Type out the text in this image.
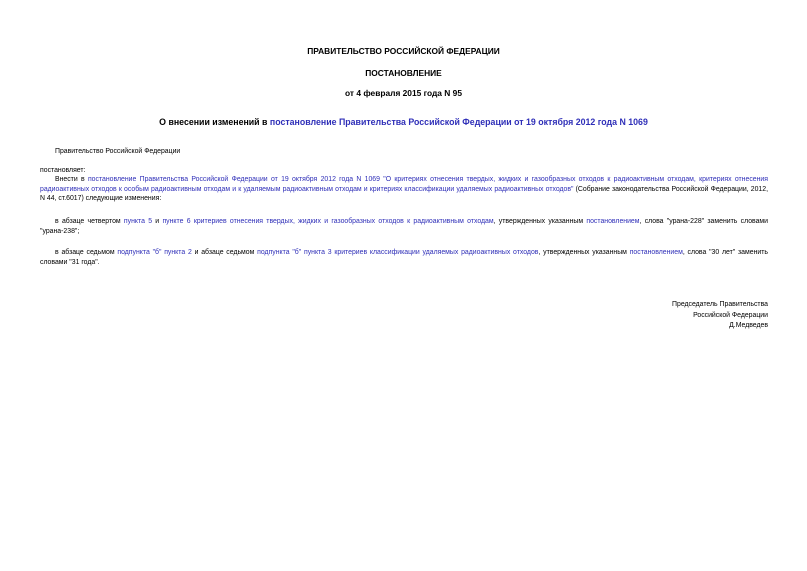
ПРАВИТЕЛЬСТВО РОССИЙСКОЙ ФЕДЕРАЦИИ
ПОСТАНОВЛЕНИЕ
от 4 февраля 2015 года N 95
О внесении изменений в постановление Правительства Российской Федерации от 19 октября 2012 года N 1069
Правительство Российской Федерации
постановляет:
Внести в постановление Правительства Российской Федерации от 19 октября 2012 года N 1069 "О критериях отнесения твердых, жидких и газообразных отходов к радиоактивным отходам, критериях отнесения радиоактивных отходов к особым радиоактивным отходам и к удаляемым радиоактивным отходам и критериях классификации удаляемых радиоактивных отходов" (Собрание законодательства Российской Федерации, 2012, N 44, ст.6017) следующие изменения:
в абзаце четвертом пункта 5 и пункте 6 критериев отнесения твердых, жидких и газообразных отходов к радиоактивным отходам, утвержденных указанным постановлением, слова "урана-228" заменить словами "урана-238";
в абзаце седьмом подпункта "б" пункта 2 и абзаце седьмом подпункта "б" пункта 3 критериев классификации удаляемых радиоактивных отходов, утвержденных указанным постановлением, слова "30 лет" заменить словами "31 года".
Председатель Правительства
Российской Федерации
Д.Медведев
